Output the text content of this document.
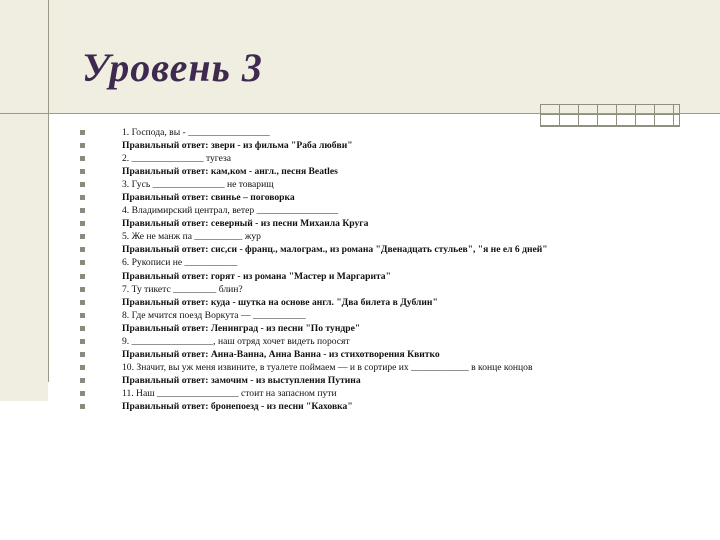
Уровень 3
1. Господа, вы - _________________
Правильный ответ: звери - из фильма "Раба любви"
2. _______________ тугеза
Правильный ответ: кам,ком - англ., песня Beatles
3. Гусь _______________ не товарищ
Правильный ответ: свинье – поговорка
4. Владимирский централ, ветер _________________
Правильный ответ: северный - из песни Михаила Круга
5. Же не манж па __________ жур
Правильный ответ: сис,си - франц., малограм., из романа "Двенадцать стульев", "я не ел 6 дней"
6. Рукописи не ___________
Правильный ответ: горят - из романа "Мастер и Маргарита"
7. Ту тикетс _________ блин?
Правильный ответ: куда - шутка на основе англ. "Два билета в Дублин"
8. Где мчится поезд Воркута — ___________
Правильный ответ: Ленинград - из песни "По тундре"
9. _________________, наш отряд хочет видеть поросят
Правильный ответ: Анна-Ванна, Анна Ванна - из стихотворения Квитко
10. Значит, вы уж меня извините, в туалете поймаем — и в сортире их ____________ в конце концов
Правильный ответ: замочим - из выступления Путина
11. Наш _________________ стоит на запасном пути
Правильный ответ: бронепоезд - из песни "Каховка"
